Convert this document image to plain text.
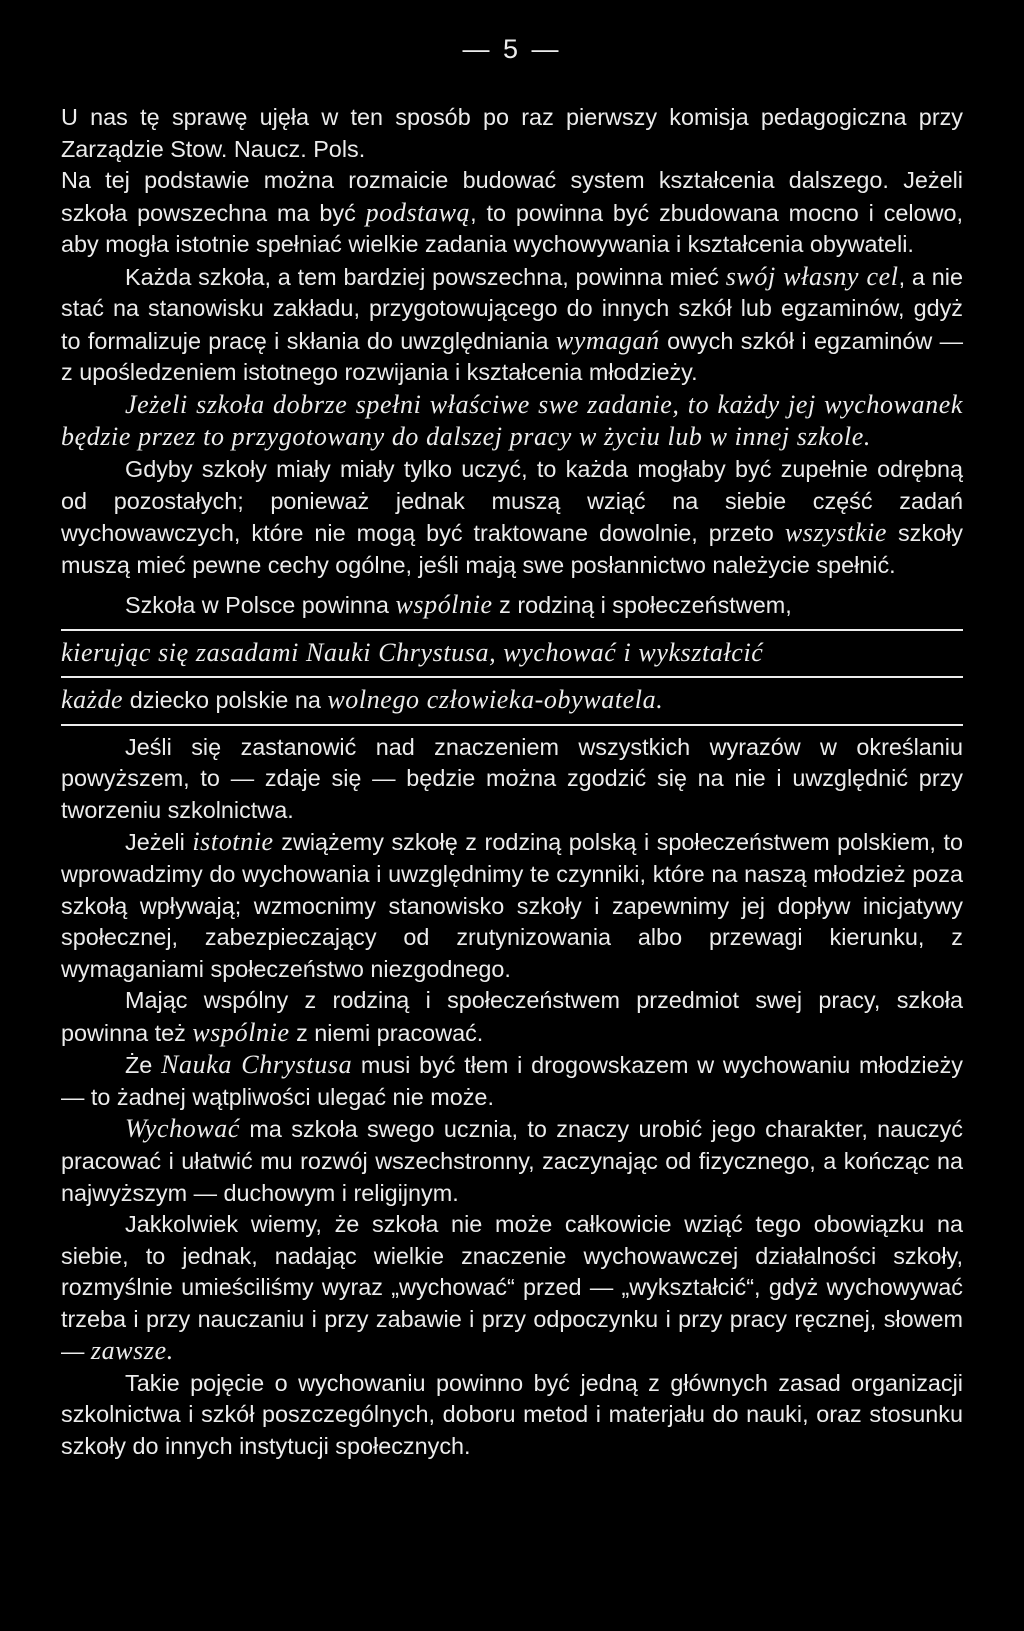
— 5 —

U nas tę sprawę ujęła w ten sposób po raz pierwszy komisja pedagogiczna przy Zarządzie Stow. Naucz. Pols.

Na tej podstawie można rozmaicie budować system kształcenia dalszego. Jeżeli szkoła powszechna ma być podstawą, to powinna być zbudowana mocno i celowo, aby mogła istotnie spełniać wielkie zadania wychowywania i kształcenia obywateli.

Każda szkoła, a tem bardziej powszechna, powinna mieć swój własny cel, a nie stać na stanowisku zakładu, przygotowującego do innych szkół lub egzaminów, gdyż to formalizuje pracę i skłania do uwzględniania wymagań owych szkół i egzaminów — z upośledzeniem istotnego rozwijania i kształcenia młodzieży.

Jeżeli szkoła dobrze spełni właściwe swe zadanie, to każdy jej wychowanek będzie przez to przygotowany do dalszej pracy w życiu lub w innej szkole.

Gdyby szkoły miały miały tylko uczyć, to każda mogłaby być zupełnie odrębną od pozostałych; ponieważ jednak muszą wziąć na siebie część zadań wychowawczych, które nie mogą być traktowane dowolnie, przeto wszystkie szkoły muszą mieć pewne cechy ogólne, jeśli mają swe posłannictwo należycie spełnić.

Szkoła w Polsce powinna wspólnie z rodziną i społeczeństwem,
kierując się zasadami Nauki Chrystusa, wychować i wykształcić
każde dziecko polskie na wolnego człowieka-obywatela.

Jeśli się zastanowić nad znaczeniem wszystkich wyrazów w określaniu powyższem, to — zdaje się — będzie można zgodzić się na nie i uwzględnić przy tworzeniu szkolnictwa.

Jeżeli istotnie zwiążemy szkołę z rodziną polską i społeczeństwem polskiem, to wprowadzimy do wychowania i uwzględnimy te czynniki, które na naszą młodzież poza szkołą wpływają; wzmocnimy stanowisko szkoły i zapewnimy jej dopływ inicjatywy społecznej, zabezpieczający od zrutynizowania albo przewagi kierunku, z wymaganiami społeczeństwo niezgodnego.

Mając wspólny z rodziną i społeczeństwem przedmiot swej pracy, szkoła powinna też wspólnie z niemi pracować.

Że Nauka Chrystusa musi być tłem i drogowskazem w wychowaniu młodzieży — to żadnej wątpliwości ulegać nie może.

Wychować ma szkoła swego ucznia, to znaczy urobić jego charakter, nauczyć pracować i ułatwić mu rozwój wszechstronny, zaczynając od fizycznego, a kończąc na najwyższym — duchowym i religijnym.

Jakkolwiek wiemy, że szkoła nie może całkowicie wziąć tego obowiązku na siebie, to jednak, nadając wielkie znaczenie wychowawczej działalności szkoły, rozmyślnie umieściliśmy wyraz „wychować“ przed — „wykształcić“, gdyż wychowywać trzeba i przy nauczaniu i przy zabawie i przy odpoczynku i przy pracy ręcznej, słowem — zawsze.

Takie pojęcie o wychowaniu powinno być jedną z głównych zasad organizacji szkolnictwa i szkół poszczególnych, doboru metod i materjału do nauki, oraz stosunku szkoły do innych instytucji społecznych.
